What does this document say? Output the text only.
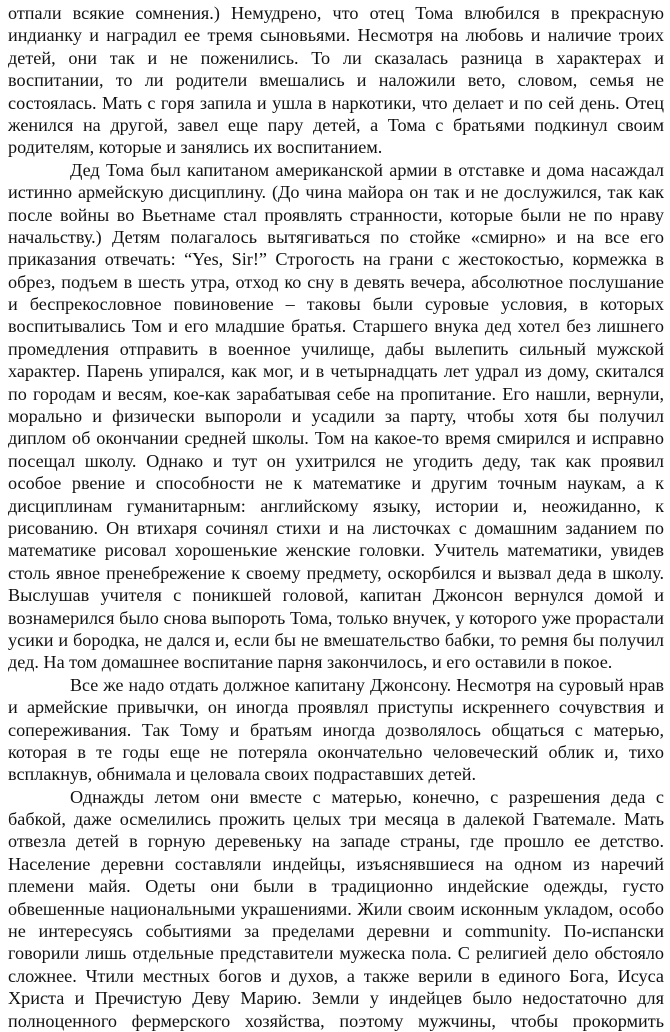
отпали всякие сомнения.) Немудрено, что отец Тома влюбился в прекрасную
индианку и наградил ее тремя сыновьями. Несмотря на любовь и наличие троих
детей, они так и не поженились. То ли сказалась разница в характерах и
воспитании, то ли родители вмешались и наложили вето, словом, семья не
состоялась. Мать с горя запила и ушла в наркотики, что делает и по сей день. Отец
женился на другой, завел еще пару детей, а Тома с братьями подкинул своим
родителям, которые и занялись их воспитанием.
Дед Тома был капитаном американской армии в отставке и дома насаждал
истинно армейскую дисциплину. (До чина майора он так и не дослужился, так как
после войны во Вьетнаме стал проявлять странности, которые были не по нраву
начальству.) Детям полагалось вытягиваться по стойке «смирно» и на все его
приказания отвечать: “Yes, Sir!” Строгость на грани с жестокостью, кормежка в
обрез, подъем в шесть утра, отход ко сну в девять вечера, абсолютное послушание
и беспрекословное повиновение – таковы были суровые условия, в которых
воспитывались Том и его младшие братья. Старшего внука дед хотел без лишнего
промедления отправить в военное училище, дабы вылепить сильный мужской
характер. Парень упирался, как мог, и в четырнадцать лет удрал из дому, скитался
по городам и весям, кое-как зарабатывая себе на пропитание. Его нашли, вернули,
морально и физически выпороли и усадили за парту, чтобы хотя бы получил
диплом об окончании средней школы. Том на какое-то время смирился и исправно
посещал школу. Однако и тут он ухитрился не угодить деду, так как проявил
особое рвение и способности не к математике и другим точным наукам, а к
дисциплинам гуманитарным: английскому языку, истории и, неожиданно, к
рисованию. Он втихаря сочинял стихи и на листочках с домашним заданием по
математике рисовал хорошенькие женские головки. Учитель математики, увидев
столь явное пренебрежение к своему предмету, оскорбился и вызвал деда в школу.
Выслушав учителя с поникшей головой, капитан Джонсон вернулся домой и
вознамерился было снова выпороть Тома, только внучек, у которого уже прорастали
усики и бородка, не дался и, если бы не вмешательство бабки, то ремня бы получил
дед. На том домашнее воспитание парня закончилось, и его оставили в покое.
Все же надо отдать должное капитану Джонсону. Несмотря на суровый нрав
и армейские привычки, он иногда проявлял приступы искреннего сочувствия и
сопереживания. Так Тому и братьям иногда дозволялось общаться с матерью,
которая в те годы еще не потеряла окончательно человеческий облик и, тихо
всплакнув, обнимала и целовала своих подраставших детей.
Однажды летом они вместе с матерью, конечно, с разрешения деда с
бабкой, даже осмелились прожить целых три месяца в далекой Гватемале. Мать
отвезла детей в горную деревеньку на западе страны, где прошло ее детство.
Население деревни составляли индейцы, изъяснявшиеся на одном из наречий
племени майя. Одеты они были в традиционно индейские одежды, густо
обвешенные национальными украшениями. Жили своим исконным укладом, особо
не интересуясь событиями за пределами деревни и community. По-испански
говорили лишь отдельные представители мужеска пола. С религией дело обстояло
сложнее. Чтили местных богов и духов, а также верили в единого Бога, Исуса
Христа и Пречистую Деву Марию. Земли у индейцев было недостаточно для
полноценного фермерского хозяйства, поэтому мужчины, чтобы прокормить
